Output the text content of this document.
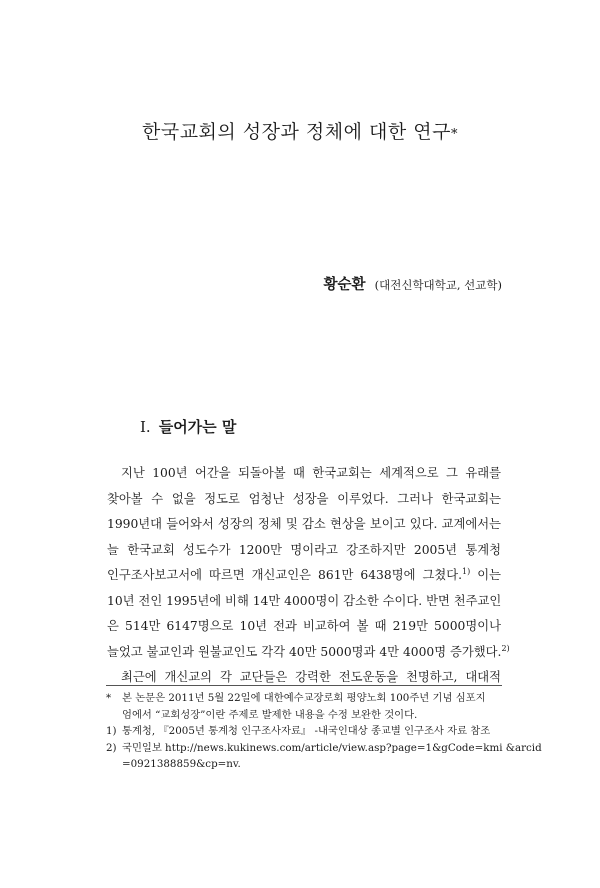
한국교회의 성장과 정체에 대한 연구*
황순환 (대전신학대학교, 선교학)
Ⅰ. 들어가는 말
지난 100년 어간을 되돌아볼 때 한국교회는 세계적으로 그 유래를
찾아볼 수 없을 정도로 엄청난 성장을 이루었다. 그러나 한국교회는
1990년대 들어와서 성장의 정체 및 감소 현상을 보이고 있다. 교계에서는
늘 한국교회 성도수가 1200만 명이라고 강조하지만 2005년 통계청
인구조사보고서에 따르면 개신교인은 861만 6438명에 그쳤다.$^{1)}$ 이는
10년 전인 1995년에 비해 14만 4000명이 감소한 수이다. 반면 천주교인
은 514만 6147명으로 10년 전과 비교하여 볼 때 219만 5000명이나
늘었고 불교인과 원불교인도 각각 40만 5000명과 4만 4000명 증가했다.$^{2)}$
최근에 개신교의 각 교단들은 강력한 전도운동을 천명하고, 대대적
* 본 논문은 2011년 5월 22일에 대한예수교장로회 평양노회 100주년 기념 심포지
엄에서 “교회성장”이란 주제로 발제한 내용을 수정 보완한 것이다.
1) 통계청, 『2005년 통계청 인구조사자료』 -내국인대상 종교별 인구조사 자료 참조
2) 국민일보 http://news.kukinews.com/article/view.asp?page=1&gCode=kmi &arcid
=0921388859&cp=nv.
